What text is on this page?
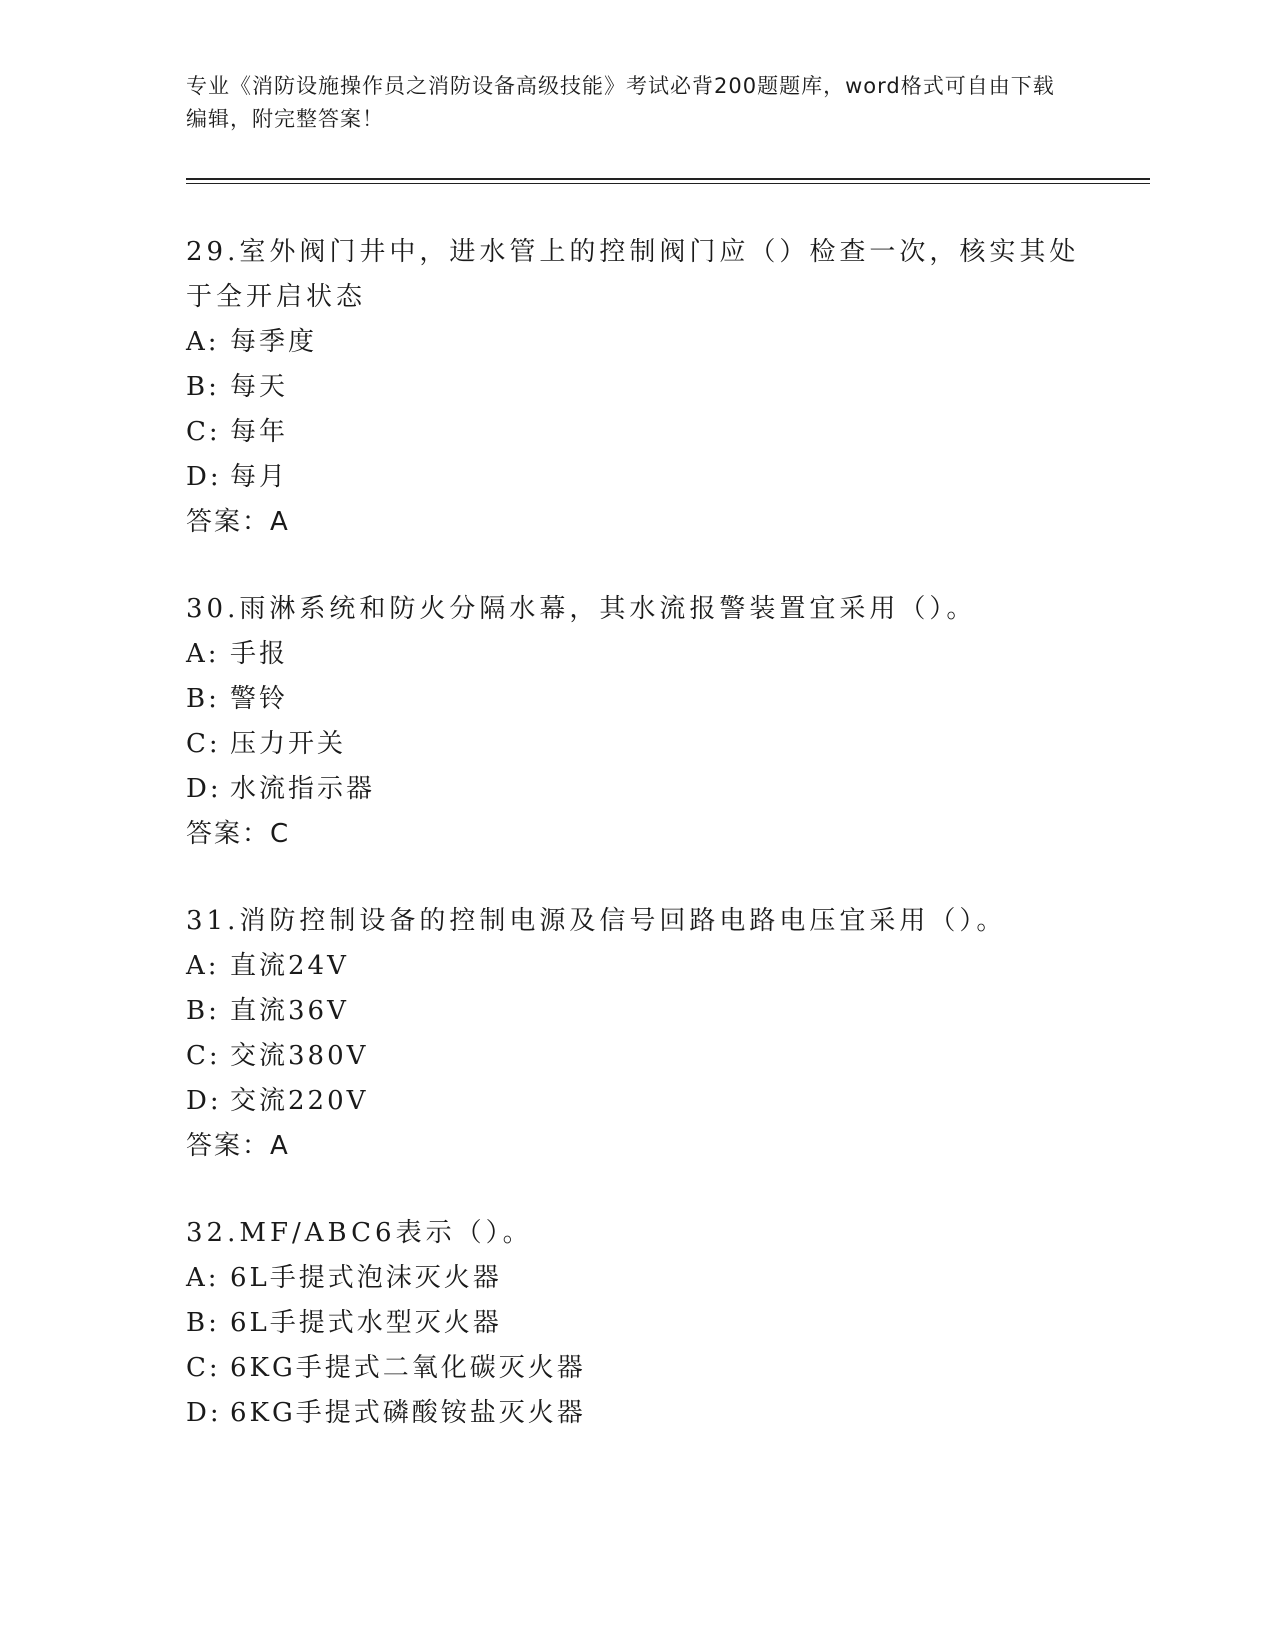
专业《消防设施操作员之消防设备高级技能》考试必背200题题库，word格式可自由下载编辑，附完整答案！
29.室外阀门井中，进水管上的控制阀门应（）检查一次，核实其处于全开启状态
A: 每季度
B: 每天
C: 每年
D: 每月
答案：A
30.雨淋系统和防火分隔水幕，其水流报警装置宜采用（）。
A: 手报
B: 警铃
C: 压力开关
D: 水流指示器
答案：C
31.消防控制设备的控制电源及信号回路电路电压宜采用（）。
A: 直流24V
B: 直流36V
C: 交流380V
D: 交流220V
答案：A
32.MF/ABC6表示（）。
A: 6L手提式泡沫灭火器
B: 6L手提式水型灭火器
C: 6KG手提式二氧化碳灭火器
D: 6KG手提式磷酸铵盐灭火器
